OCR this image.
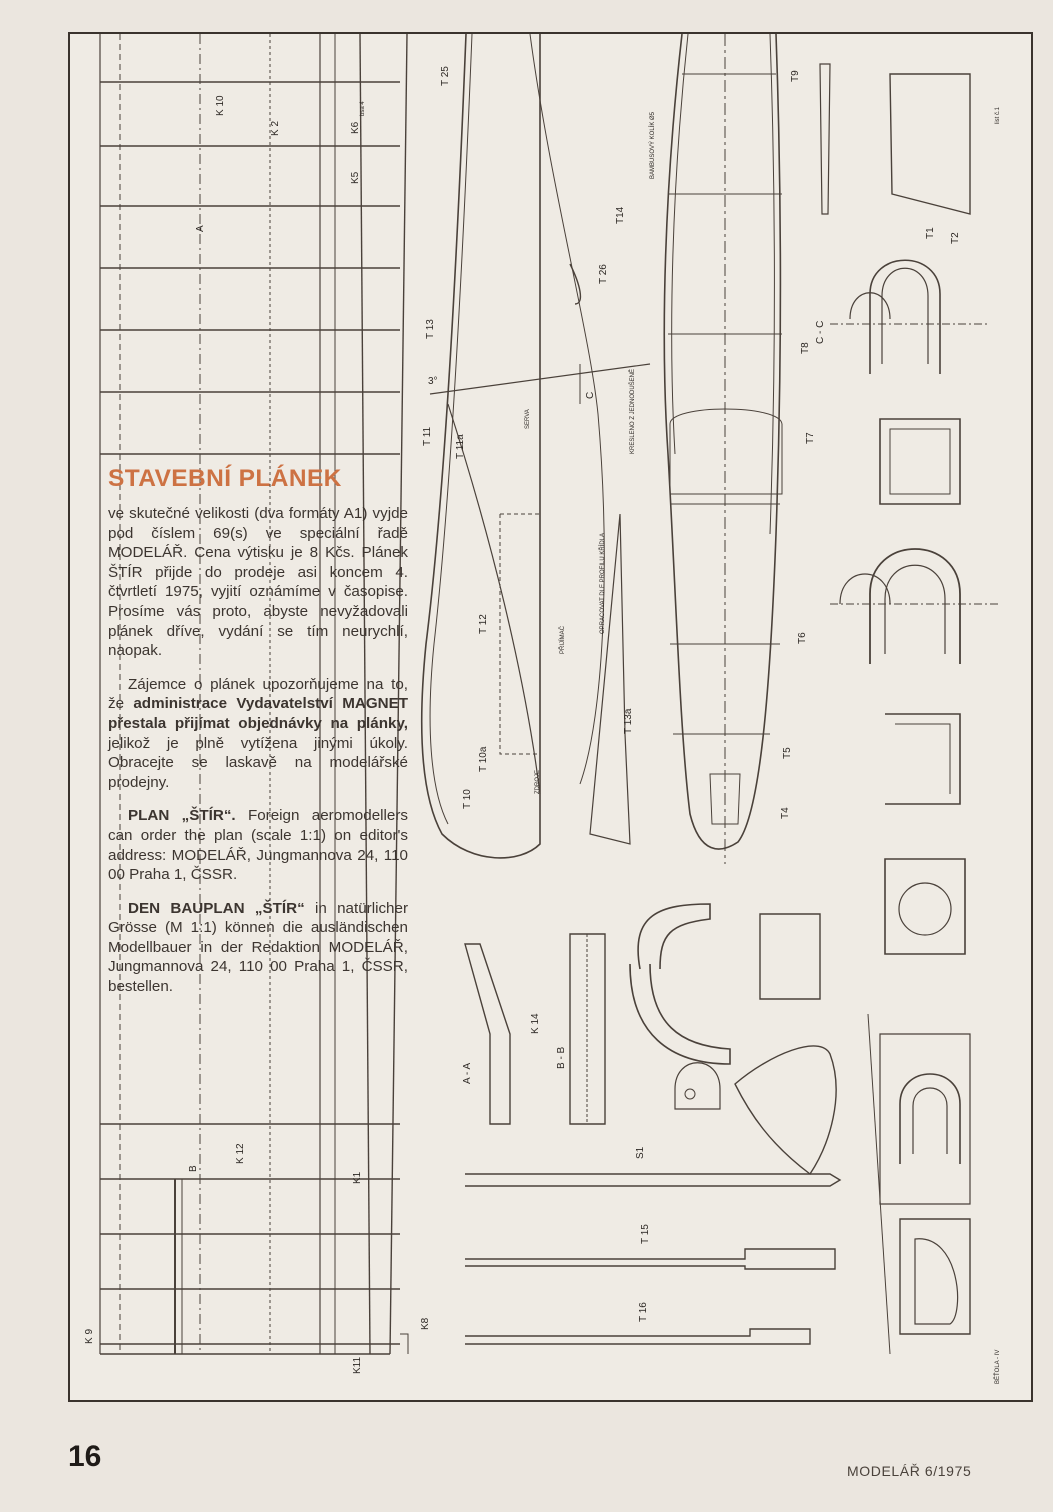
K 10
K 2	K6
bsa 4
K5
A
K 9
K 12
B
K1
K11
K8
T 25
T 13
T 11 T 11a
T 12
T 10
T 10a
T 26
T14
SERVA
PŘIJÍMAČ
ZDROJE
T 13a
T5
T4
T6
T7
T8
T9
C - C
T2
T1
K 14
A - A
B - B
S1
T 15
T 16
C	KRESLENO Z JEDNODUŠENĚ
OPRACOVAT DLE PROFILU KŘÍDLA
BAMBUSOVÝ KOLÍK Ø5
3°
BĚŤOLA - IV
list č.1
STAVEBNÍ PLÁNEK

ve skutečné velikosti (dva formáty A1) vyjde pod číslem 69(s) ve speciální řadě MODELÁŘ. Cena výtisku je 8 Kčs. Plánek ŠTÍR přijde do prodeje asi koncem 4. čtvrtletí 1975, vyjití oznámíme v časopise. Prosíme vás proto, abyste nevyžadovali plánek dříve, vydání se tím neurychlí, naopak.

Zájemce o plánek upozorňujeme na to, že administrace Vydavatelství MAGNET přestala přijímat objednávky na plánky, jelikož je plně vytížena jinými úkoly. Obracejte se laskavě na modelářské prodejny.

PLAN „ŠTÍR“. Foreign aeromodellers can order the plan (scale 1:1) on editor's address: MODELÁŘ, Jungmannova 24, 110 00 Praha 1, ČSSR.

DEN BAUPLAN „ŠTÍR“ in natürlicher Grösse (M 1:1) können die ausländischen Modellbauer in der Redaktion MODELÁŘ, Jungmannova 24, 110 00 Praha 1, ČSSR, bestellen.

16	MODELÁŘ 6/1975
